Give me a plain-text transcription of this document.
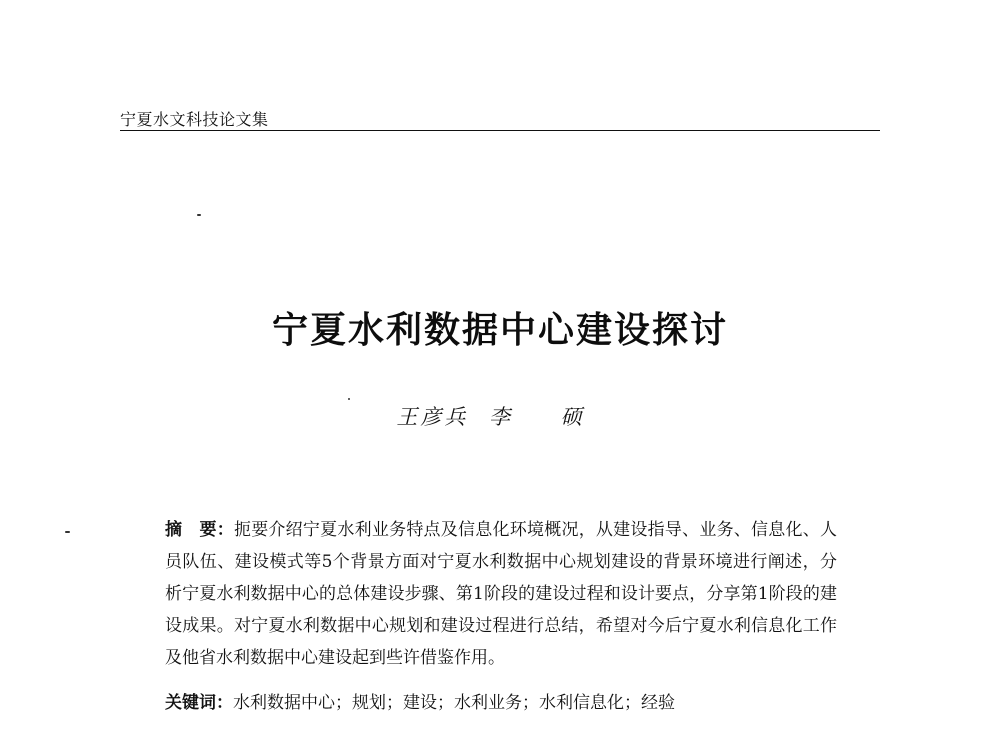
宁夏水文科技论文集
宁夏水利数据中心建设探讨
王彦兵 李 硕
摘　要：扼要介绍宁夏水利业务特点及信息化环境概况，从建设指导、业务、信息化、人员队伍、建设模式等5个背景方面对宁夏水利数据中心规划建设的背景环境进行阐述，分析宁夏水利数据中心的总体建设步骤、第1阶段的建设过程和设计要点，分享第1阶段的建设成果。对宁夏水利数据中心规划和建设过程进行总结，希望对今后宁夏水利信息化工作及他省水利数据中心建设起到些许借鉴作用。
关键词：水利数据中心；规划；建设；水利业务；水利信息化；经验
